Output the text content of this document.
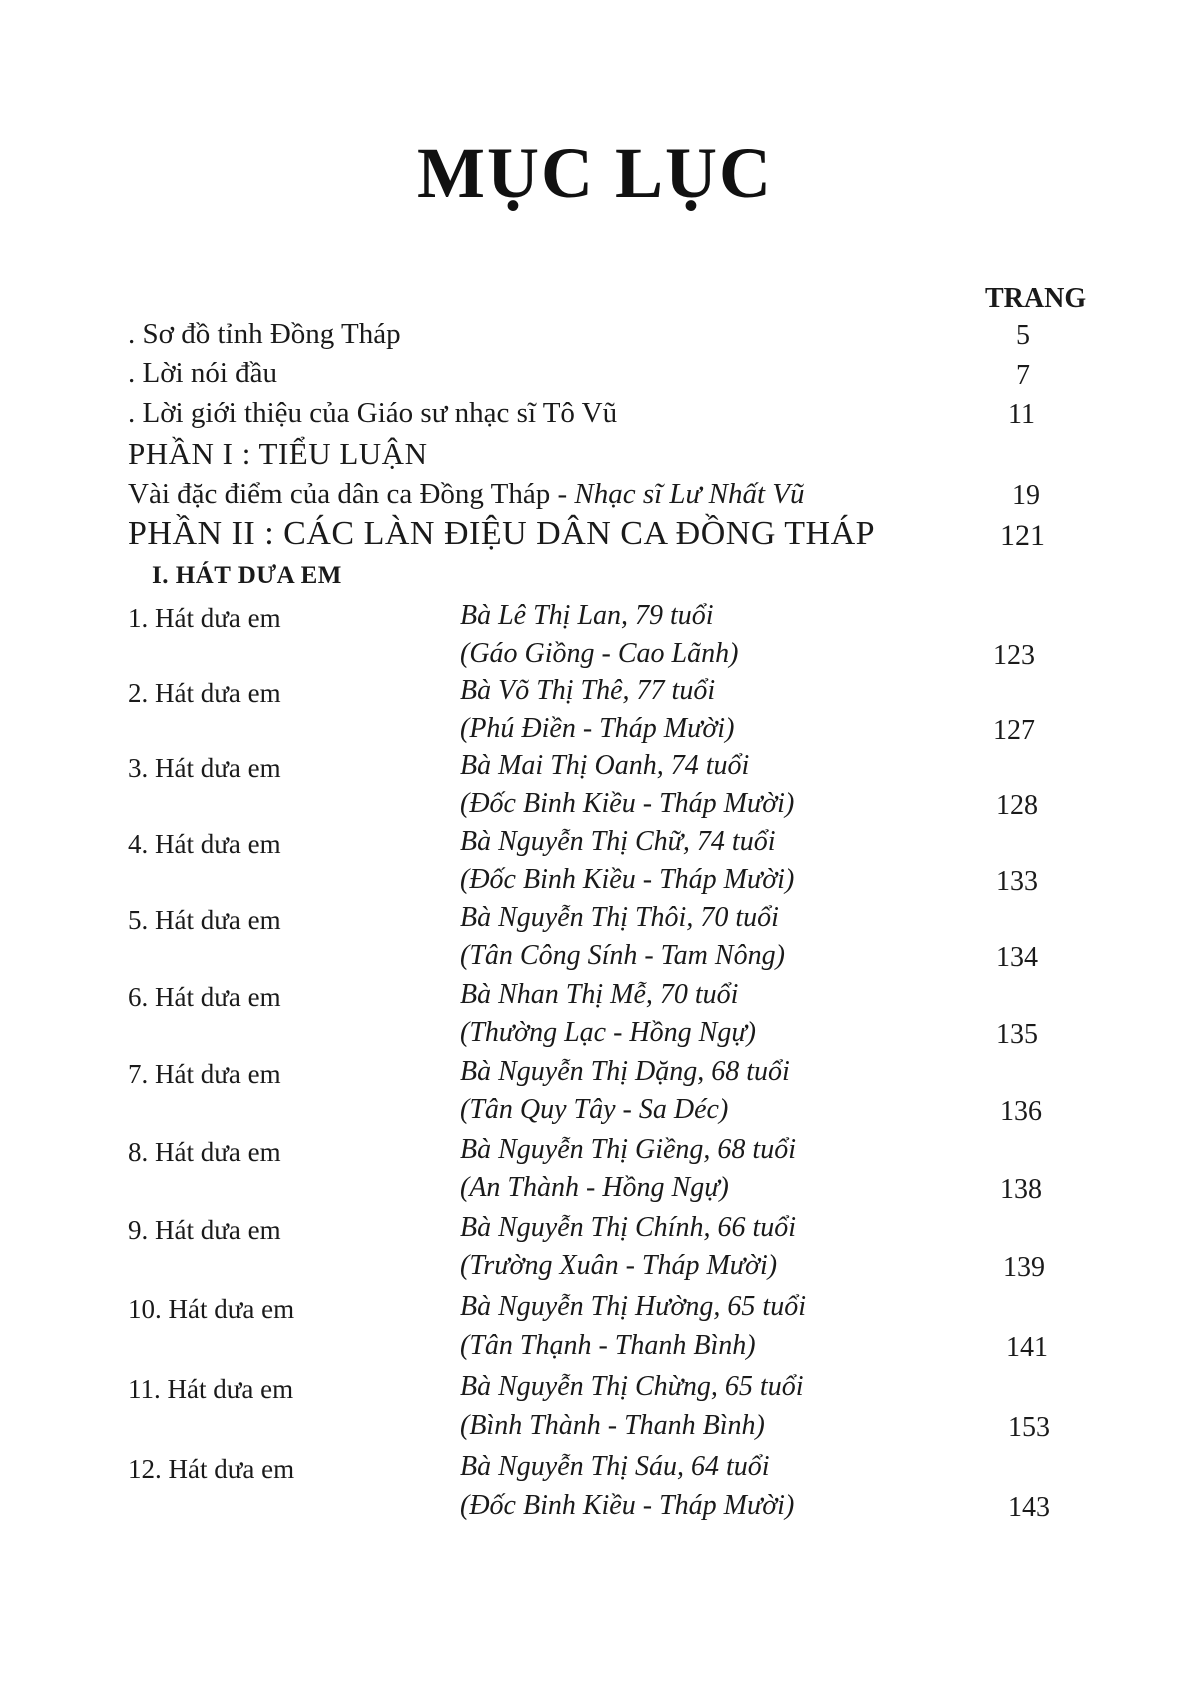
MỤC LỤC
TRANG
. Sơ đồ tỉnh Đồng Tháp	5
. Lời nói đầu	7
. Lời giới thiệu của Giáo sư nhạc sĩ Tô Vũ	11
PHẦN I : TIỂU LUẬN
Vài đặc điểm của dân ca Đồng Tháp - Nhạc sĩ Lư Nhất Vũ	19
PHẦN II : CÁC LÀN ĐIỆU DÂN CA ĐỒNG THÁP	121
I. HÁT DƯA EM
1. Hát dưa em	Bà Lê Thị Lan, 79 tuổi
(Gáo Giồng - Cao Lãnh)	123
2. Hát dưa em	Bà Võ Thị Thê, 77 tuổi
(Phú Điền - Tháp Mười)	127
3. Hát dưa em	Bà Mai Thị Oanh, 74 tuổi
(Đốc Binh Kiều - Tháp Mười)	128
4. Hát dưa em	Bà Nguyễn Thị Chữ, 74 tuổi
(Đốc Binh Kiều - Tháp Mười)	133
5. Hát dưa em	Bà Nguyễn Thị Thôi, 70 tuổi
(Tân Công Sính - Tam Nông)	134
6. Hát dưa em	Bà Nhan Thị Mễ, 70 tuổi
(Thường Lạc - Hồng Ngự)	135
7. Hát dưa em	Bà Nguyễn Thị Dặng, 68 tuổi
(Tân Quy Tây - Sa Déc)	136
8. Hát dưa em	Bà Nguyễn Thị Giềng, 68 tuổi
(An Thành - Hồng Ngự)	138
9. Hát dưa em	Bà Nguyễn Thị Chính, 66 tuổi
(Trường Xuân - Tháp Mười)	139
10. Hát dưa em	Bà Nguyễn Thị Hường, 65 tuổi
(Tân Thạnh - Thanh Bình)	141
11. Hát dưa em	Bà Nguyễn Thị Chừng, 65 tuổi
(Bình Thành - Thanh Bình)	153
12. Hát dưa em	Bà Nguyễn Thị Sáu, 64 tuổi
(Đốc Binh Kiều - Tháp Mười)	143
